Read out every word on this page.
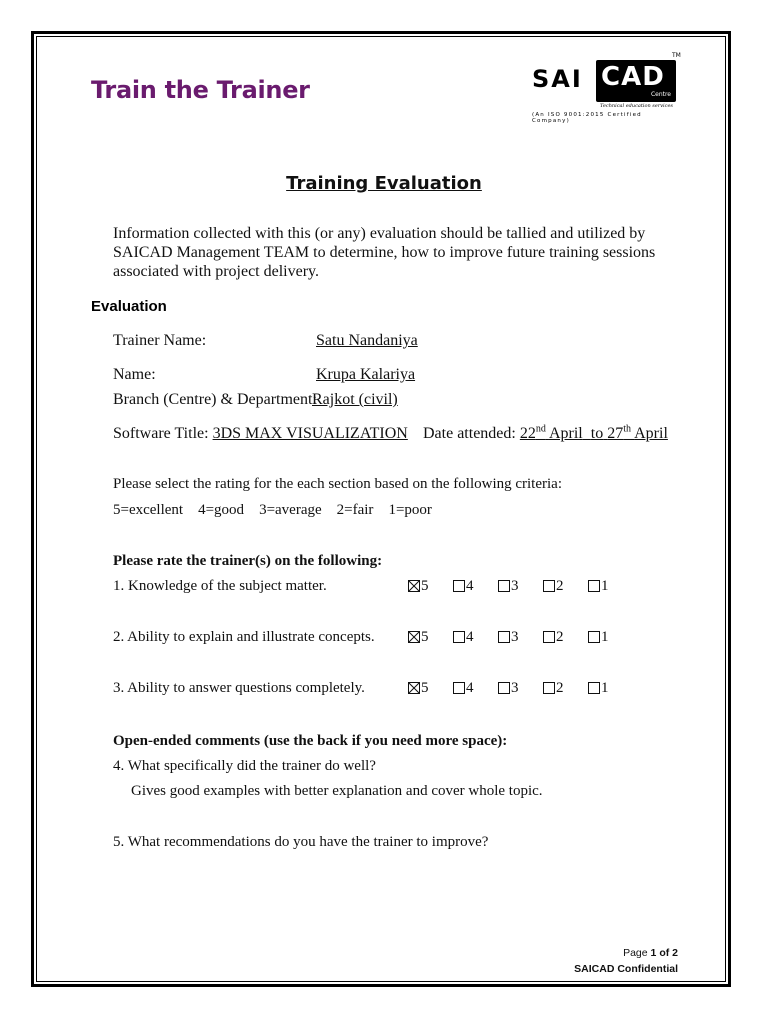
Train the Trainer	SAI CAD
Centre
TM
Technical education services
(An ISO 9001:2015 Certified Company)
Training Evaluation
Information collected with this (or any) evaluation should be tallied and utilized by SAICAD Management TEAM to determine, how to improve future training sessions associated with project delivery.
Evaluation
Trainer Name:	Satu Nandaniya
Name:	Krupa Kalariya
Branch (Centre) & Department:
Rajkot (civil)
Software Title: 3DS MAX VISUALIZATION Date attended: 22nd April to 27th April
Please select the rating for the each section based on the following criteria:
5=excellent 4=good 3=average 2=fair 1=poor
Please rate the trainer(s) on the following:
1. Knowledge of the subject matter.	5	4	3	2	1
2. Ability to explain and illustrate concepts.	5	4	3	2	1
3. Ability to answer questions completely.	5	4	3	2	1
Open-ended comments (use the back if you need more space):
4. What specifically did the trainer do well?
Gives good examples with better explanation and cover whole topic.
5. What recommendations do you have the trainer to improve?
Page 1 of 2
SAICAD Confidential
